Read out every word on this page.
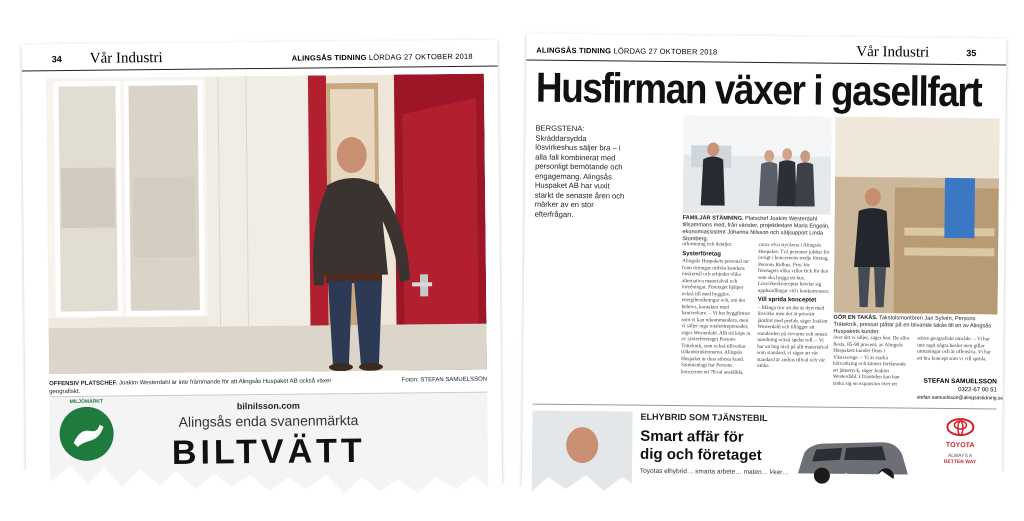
34 Vår Industri	ALINGSÅS TIDNING LÖRDAG 27 OKTOBER 2018
OFFENSIV PLATSCHEF. Joakim Westerdahl är inte främmande för att Alingsås Huspaket AB också växer geografiskt.
Foton: STEFAN SAMUELSSON
MILJÖMÄRKT	bilnilsson.com
Alingsås enda svanenmärkta
BILTVÄTT
ALINGSÅS TIDNING LÖRDAG 27 OKTOBER 2018	Vår Industri	35
Husfirman växer i gasellfart
BERGSTENA: Skräddarsydda lösvirkeshus säljer bra – i alla fall kombinerat med personligt bemötande och engagemang. Alingsås Huspaket AB har vuxit starkt de senaste åren och märker av en stor efterfrågan.	FAMILJÄR STÄMNING. Platschef Joakim Westerdahl tillsammans med, från vänster, projektledare Maria Engelin, ekonomiassistent Johanna Nilsson och säljsupport Linda Stomberg.
GÖR EN TAKÅS. Takstolsmontören Jan Sylvén, Persons Trätekník, pressar plåtar på en blivande takås till en av Alingsås Huspakets kunder.

utformning och detaljer.

Systerföretag

Alingsås Huspakets personal tar fram ritningar utifrån kundens önskemål och erbjuder olika alternativa materialval och inredningar. Företaget hjälper också till med bygglov, energiberäkningar och, om det behövs, kontakter med hantverkare. – Vi har byggfirmor som vi kan rekommendera, men vi säljer inga totalentreprenader, säger Westerdahl. Allt trä köps in av systerföretaget Persons Träteknik, som också tillverkar träkonstruktionerna. Alingsås Huspaket är dess största kund. Sammanlagt har Persons koncernen ett 70-tal anställda,

varav elva styckena i Alingsås Huspaket. Två personer jobbar för övrigt i koncernens tredje företag, Persons Ridhus. Pris: för företagets olika villor fick för den som ska bygga ett hus. Lösvirkeskonceptet hävdar sig upphandlingar vid i konkurrensen.

Vill sprida konceptet

– Många tror att det är dyrt med lösvirke men det är prisvärt jämfört med prefab, säger Joakim Westerdahl och tillägger att standarden på virvarne och annan inredning också spelar roll. – Vi har en hög nivå på allt materialval som standard, vi säger att vår standard är andras tillval och vår utöka

över det vi säljer, säger han. De allra flesta, 85-90 procent, av Alingsås Huspakets kunder finns i Västsverige. – Vi är starka härvarkring och känner fortfarande ett jättetryck, säger Joakim Westerdahl. I framtiden kan han tänka sig en expansion över ett

större geografiskt område. – Vi har inte tagit några beslut men gillar utmaningar och är offensiva. Vi har ett bra koncept som vi vill sprida.

STEFAN SAMUELSSON
0322-67 00 51
stefan.samuelsson@alingsastidning.se
ELHYBRID SOM TJÄNSTEBIL
Smart affär för
dig och företaget
Toyotas elhybrid… smarta arbete… maten… kker…
TOYOTA
ALWAYS A
BETTER WAY
